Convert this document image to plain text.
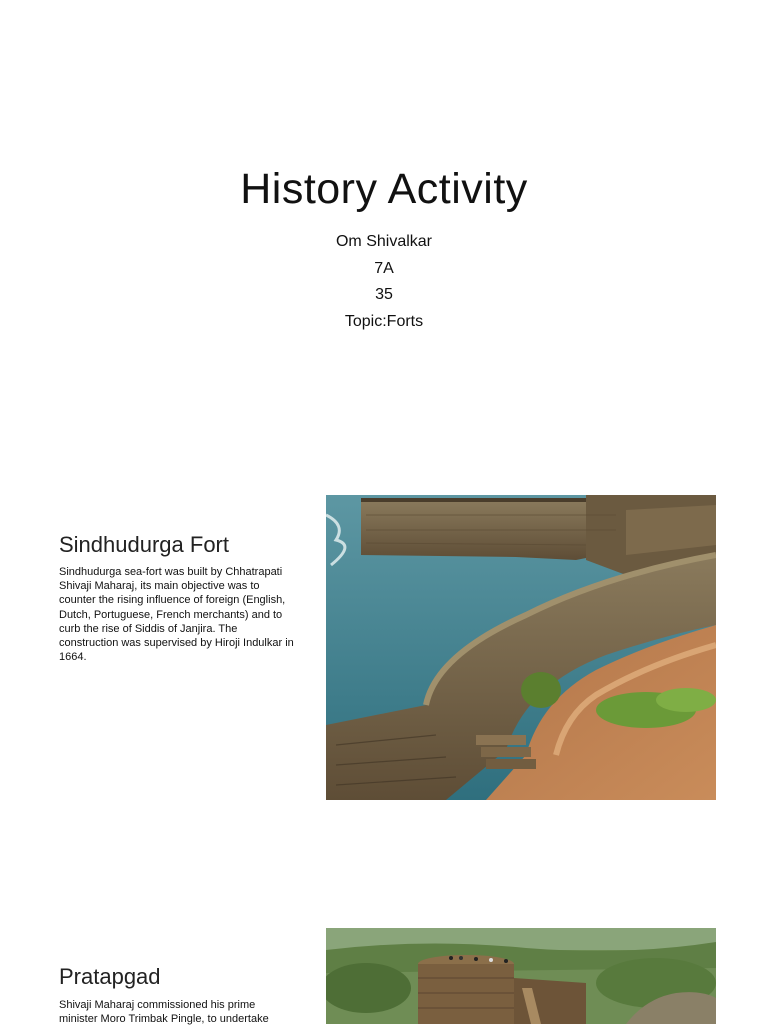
History Activity
Om Shivalkar
7A
35
Topic:Forts
Sindhudurga Fort
Sindhudurga sea-fort was built by Chhatrapati Shivaji Maharaj, its main objective was to counter the rising influence of foreign (English, Dutch, Portuguese, French merchants) and to curb the rise of Siddis of Janjira. The construction was supervised by Hiroji Indulkar in 1664.
Pratapgad
Shivaji Maharaj commissioned his prime minister Moro Trimbak Pingle, to undertake
